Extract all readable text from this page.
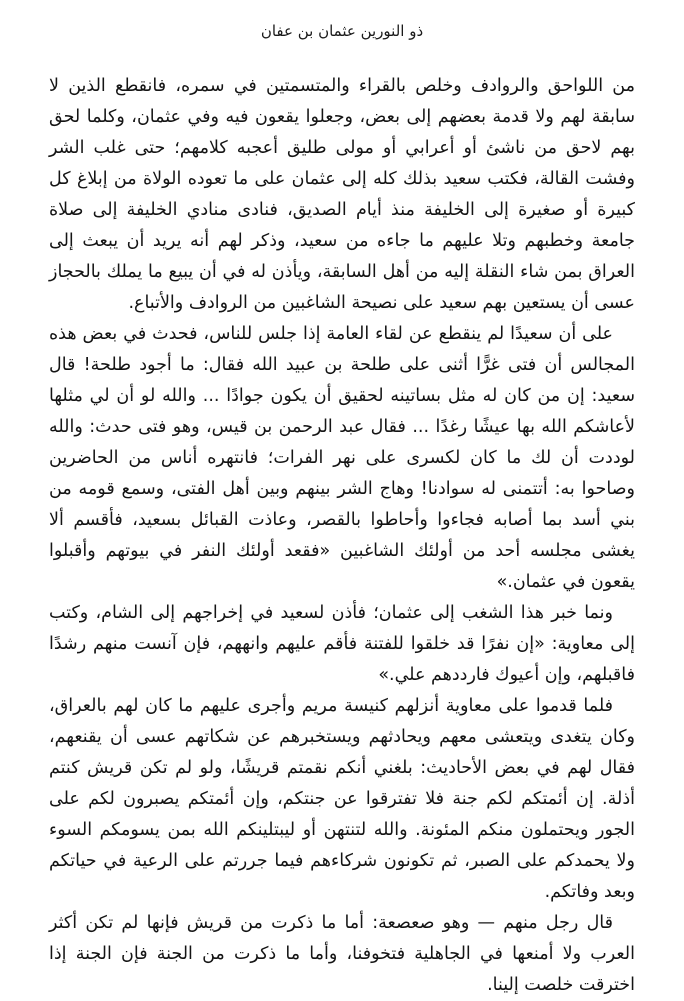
ذو النورين عثمان بن عفان

من اللواحق والروادف وخلص بالقراء والمتسمتين في سمره، فانقطع الذين لا سابقة لهم ولا قدمة بعضهم إلى بعض، وجعلوا يقعون فيه وفي عثمان، وكلما لحق بهم لاحق من ناشئ أو أعرابي أو مولى طليق أعجبه كلامهم؛ حتى غلب الشر وفشت القالة، فكتب سعيد بذلك كله إلى عثمان على ما تعوده الولاة من إبلاغ كل كبيرة أو صغيرة إلى الخليفة منذ أيام الصديق، فنادى منادي الخليفة إلى صلاة جامعة وخطبهم وتلا عليهم ما جاءه من سعيد، وذكر لهم أنه يريد أن يبعث إلى العراق بمن شاء النقلة إليه من أهل السابقة، ويأذن له في أن يبيع ما يملك بالحجاز عسى أن يستعين بهم سعيد على نصيحة الشاغبين من الروادف والأتباع.

على أن سعيدًا لم ينقطع عن لقاء العامة إذا جلس للناس، فحدث في بعض هذه المجالس أن فتى غرًّا أثنى على طلحة بن عبيد الله فقال: ما أجود طلحة! قال سعيد: إن من كان له مثل بساتينه لحقيق أن يكون جوادًا ... والله لو أن لي مثلها لأعاشكم الله بها عيشًا رغدًا ... فقال عبد الرحمن بن قيس، وهو فتى حدث: والله لوددت أن لك ما كان لكسرى على نهر الفرات؛ فانتهره أناس من الحاضرين وصاحوا به: أتتمنى له سوادنا! وهاج الشر بينهم وبين أهل الفتى، وسمع قومه من بني أسد بما أصابه فجاءوا وأحاطوا بالقصر، وعاذت القبائل بسعيد، فأقسم ألا يغشى مجلسه أحد من أولئك الشاغبين «فقعد أولئك النفر في بيوتهم وأقبلوا يقعون في عثمان.»

ونما خبر هذا الشغب إلى عثمان؛ فأذن لسعيد في إخراجهم إلى الشام، وكتب إلى معاوية: «إن نفرًا قد خلقوا للفتنة فأقم عليهم وانههم، فإن آنست منهم رشدًا فاقبلهم، وإن أعيوك فارددهم علي.»

فلما قدموا على معاوية أنزلهم كنيسة مريم وأجرى عليهم ما كان لهم بالعراق، وكان يتغدى ويتعشى معهم ويحادثهم ويستخبرهم عن شكاتهم عسى أن يقنعهم، فقال لهم في بعض الأحاديث: بلغني أنكم نقمتم قريشًا، ولو لم تكن قريش كنتم أذلة. إن أئمتكم لكم جنة فلا تفترقوا عن جنتكم، وإن أئمتكم يصبرون لكم على الجور ويحتملون منكم المئونة. والله لتنتهن أو ليبتلينكم الله بمن يسومكم السوء ولا يحمدكم على الصبر، ثم تكونون شركاءهم فيما جررتم على الرعية في حياتكم وبعد وفاتكم.

قال رجل منهم — وهو صعصعة: أما ما ذكرت من قريش فإنها لم تكن أكثر العرب ولا أمنعها في الجاهلية فتخوفنا، وأما ما ذكرت من الجنة فإن الجنة إذا اخترقت خلصت إلينا.
